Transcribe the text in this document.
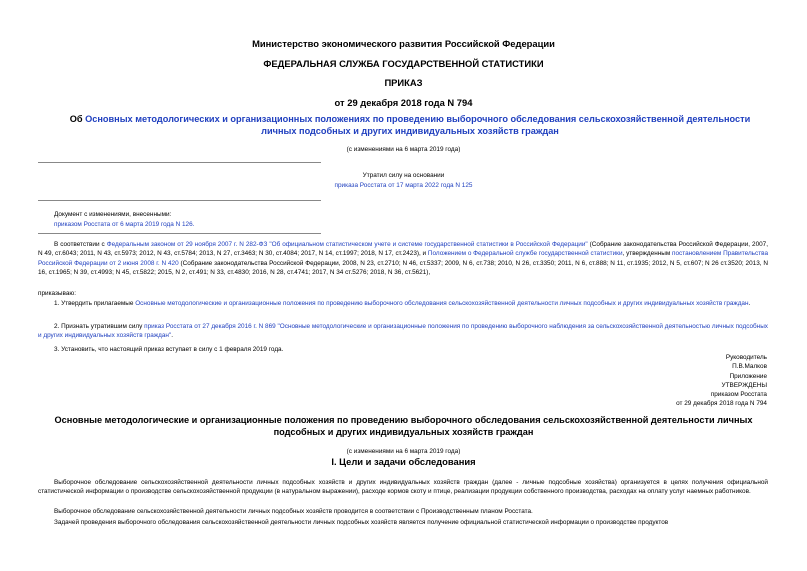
Министерство экономического развития Российской Федерации
ФЕДЕРАЛЬНАЯ СЛУЖБА ГОСУДАРСТВЕННОЙ СТАТИСТИКИ
ПРИКАЗ
от 29 декабря 2018 года N 794
Об Основных методологических и организационных положениях по проведению выборочного обследования сельскохозяйственной деятельности личных подсобных и других индивидуальных хозяйств граждан
(с изменениями на 6 марта 2019 года)
Утратил силу на основании
приказа Росстата от 17 марта 2022 года N 125
Документ с изменениями, внесенными:
приказом Росстата от 6 марта 2019 года N 126.
В соответствии с Федеральным законом от 29 ноября 2007 г. N 282-ФЗ "Об официальном статистическом учете и системе государственной статистики в Российской Федерации" (Собрание законодательства Российской Федерации, 2007, N 49, ст.6043; 2011, N 43, ст.5973; 2012, N 43, ст.5784; 2013, N 27, ст.3463; N 30, ст.4084; 2017, N 14, ст.1997; 2018, N 17, ст.2423), и Положением о Федеральной службе государственной статистики, утвержденным постановлением Правительства Российской Федерации от 2 июня 2008 г. N 420 (Собрание законодательства Российской Федерации, 2008, N 23, ст.2710; N 46, ст.5337; 2009, N 6, ст.738; 2010, N 26, ст.3350; 2011, N 6, ст.888; N 11, ст.1935; 2012, N 5, ст.607; N 26 ст.3520; 2013, N 16, ст.1965; N 39, ст.4993; N 45, ст.5822; 2015, N 2, ст.491; N 33, ст.4830; 2016, N 28, ст.4741; 2017, N 34 ст.5276; 2018, N 36, ст.5621),
приказываю:
1. Утвердить прилагаемые Основные методологические и организационные положения по проведению выборочного обследования сельскохозяйственной деятельности личных подсобных и других индивидуальных хозяйств граждан.
2. Признать утратившим силу приказ Росстата от 27 декабря 2016 г. N 869 "Основные методологические и организационные положения по проведению выборочного наблюдения за сельскохозяйственной деятельностью личных подсобных и других индивидуальных хозяйств граждан".
3. Установить, что настоящий приказ вступает в силу с 1 февраля 2019 года.
Руководитель
П.В.Малков
Приложение
УТВЕРЖДЕНЫ
приказом Росстата
от 29 декабря 2018 года N 794
Основные методологические и организационные положения по проведению выборочного обследования сельскохозяйственной деятельности личных подсобных и других индивидуальных хозяйств граждан
(с изменениями на 6 марта 2019 года)
I. Цели и задачи обследования
Выборочное обследование сельскохозяйственной деятельности личных подсобных хозяйств и других индивидуальных хозяйств граждан (далее - личные подсобные хозяйства) организуется в целях получения официальной статистической информации о производстве сельскохозяйственной продукции (в натуральном выражении), расходе кормов скоту и птице, реализации продукции собственного производства, расходах на оплату услуг наемных работников.
Выборочное обследование сельскохозяйственной деятельности личных подсобных хозяйств проводится в соответствии с Производственным планом Росстата.
Задачей проведения выборочного обследования сельскохозяйственной деятельности личных подсобных хозяйств является получение официальной статистической информации о производстве продуктов
